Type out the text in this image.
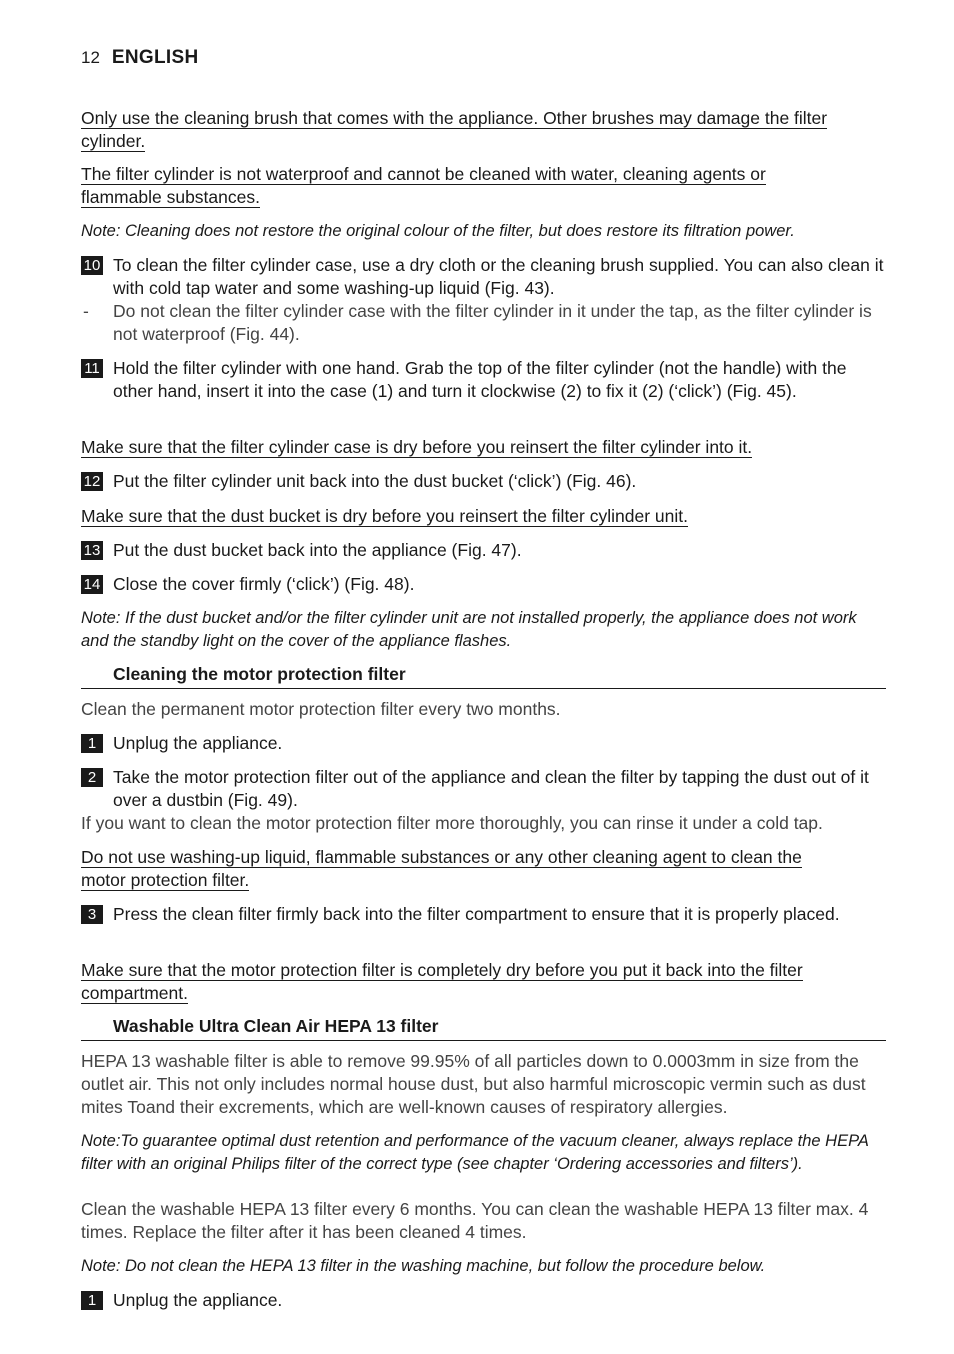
12 ENGLISH
Only use the cleaning brush that comes with the appliance. Other brushes may damage the filter
cylinder.
The filter cylinder is not waterproof and cannot be cleaned with water, cleaning agents or
flammable substances.
Note: Cleaning does not restore the original colour of the filter, but does restore its filtration power.
10 To clean the filter cylinder case, use a dry cloth or the cleaning brush supplied. You can also clean it with cold tap water and some washing-up liquid (Fig. 43).
- Do not clean the filter cylinder case with the filter cylinder in it under the tap, as the filter cylinder is not waterproof (Fig. 44).
11 Hold the filter cylinder with one hand. Grab the top of the filter cylinder (not the handle) with the other hand, insert it into the case (1) and turn it clockwise (2) to fix it (2) (‘click’) (Fig. 45).
Make sure that the filter cylinder case is dry before you reinsert the filter cylinder into it.
12 Put the filter cylinder unit back into the dust bucket (‘click’) (Fig. 46).
Make sure that the dust bucket is dry before you reinsert the filter cylinder unit.
13 Put the dust bucket back into the appliance (Fig. 47).
14 Close the cover firmly (‘click’) (Fig. 48).
Note: If the dust bucket and/or the filter cylinder unit are not installed properly, the appliance does not work and the standby light on the cover of the appliance flashes.
Cleaning the motor protection filter
Clean the permanent motor protection filter every two months.
1 Unplug the appliance.
2 Take the motor protection filter out of the appliance and clean the filter by tapping the dust out of it over a dustbin (Fig. 49).
If you want to clean the motor protection filter more thoroughly, you can rinse it under a cold tap.
Do not use washing-up liquid, flammable substances or any other cleaning agent to clean the
motor protection filter.
3 Press the clean filter firmly back into the filter compartment to ensure that it is properly placed.
Make sure that the motor protection filter is completely dry before you put it back into the filter
compartment.
Washable Ultra Clean Air HEPA 13 filter
HEPA 13 washable filter is able to remove 99.95% of all particles down to 0.0003mm in size from the outlet air. This not only includes normal house dust, but also harmful microscopic vermin such as dust mites Toand their excrements, which are well-known causes of respiratory allergies.
Note:To guarantee optimal dust retention and performance of the vacuum cleaner, always replace the HEPA filter with an original Philips filter of the correct type (see chapter ‘Ordering accessories and filters’).
Clean the washable HEPA 13 filter every 6 months. You can clean the washable HEPA 13 filter max. 4 times. Replace the filter after it has been cleaned 4 times.
Note: Do not clean the HEPA 13 filter in the washing machine, but follow the procedure below.
1 Unplug the appliance.
